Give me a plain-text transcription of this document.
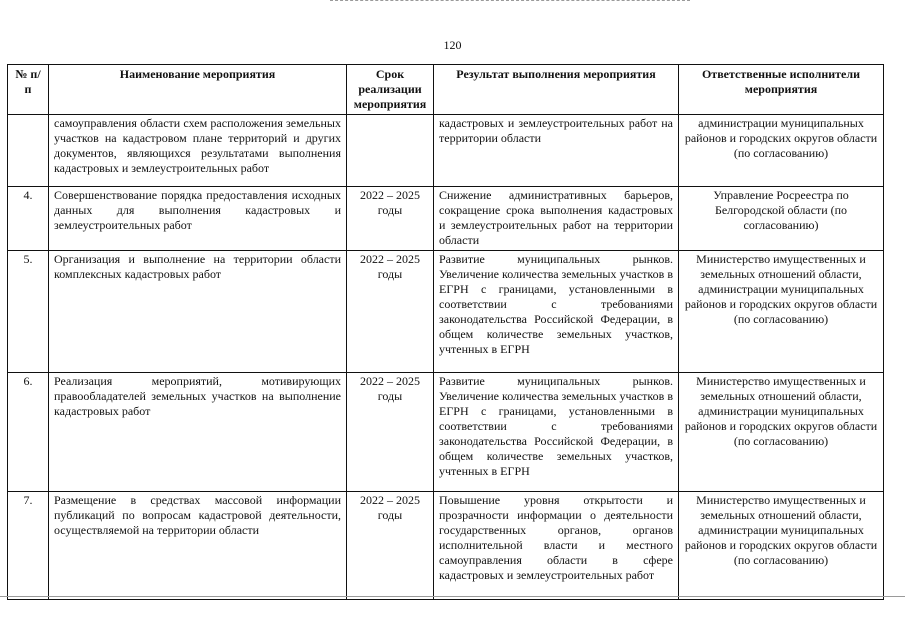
120
№ п/п	Наименование мероприятия	Срок реализации мероприятия	Результат выполнения мероприятия	Ответственные исполнители мероприятия
	самоуправления области схем расположения земельных участков на кадастровом плане территорий и других документов, являющихся результатами выполнения кадастровых и землеустроительных работ		кадастровых и землеустроительных работ на территории области	администрации муниципальных районов и городских округов области (по согласованию)
4.	Совершенствование порядка предоставления исходных данных для выполнения кадастровых и землеустроительных работ	2022 – 2025 годы	Снижение административных барьеров, сокращение срока выполнения кадастровых и землеустроительных работ на территории области	Управление Росреестра по Белгородской области (по согласованию)
5.	Организация и выполнение на территории области комплексных кадастровых работ	2022 – 2025 годы	Развитие муниципальных рынков. Увеличение количества земельных участков в ЕГРН с границами, установленными в соответствии с требованиями законодательства Российской Федерации, в общем количестве земельных участков, учтенных в ЕГРН	Министерство имущественных и земельных отношений области, администрации муниципальных районов и городских округов области (по согласованию)
6.	Реализация мероприятий, мотивирующих правообладателей земельных участков на выполнение кадастровых работ	2022 – 2025 годы	Развитие муниципальных рынков. Увеличение количества земельных участков в ЕГРН с границами, установленными в соответствии с требованиями законодательства Российской Федерации, в общем количестве земельных участков, учтенных в ЕГРН	Министерство имущественных и земельных отношений области, администрации муниципальных районов и городских округов области (по согласованию)
7.	Размещение в средствах массовой информации публикаций по вопросам кадастровой деятельности, осуществляемой на территории области	2022 – 2025 годы	Повышение уровня открытости и прозрачности информации о деятельности государственных органов, органов исполнительной власти и местного самоуправления области в сфере кадастровых и землеустроительных работ	Министерство имущественных и земельных отношений области, администрации муниципальных районов и городских округов области (по согласованию)
